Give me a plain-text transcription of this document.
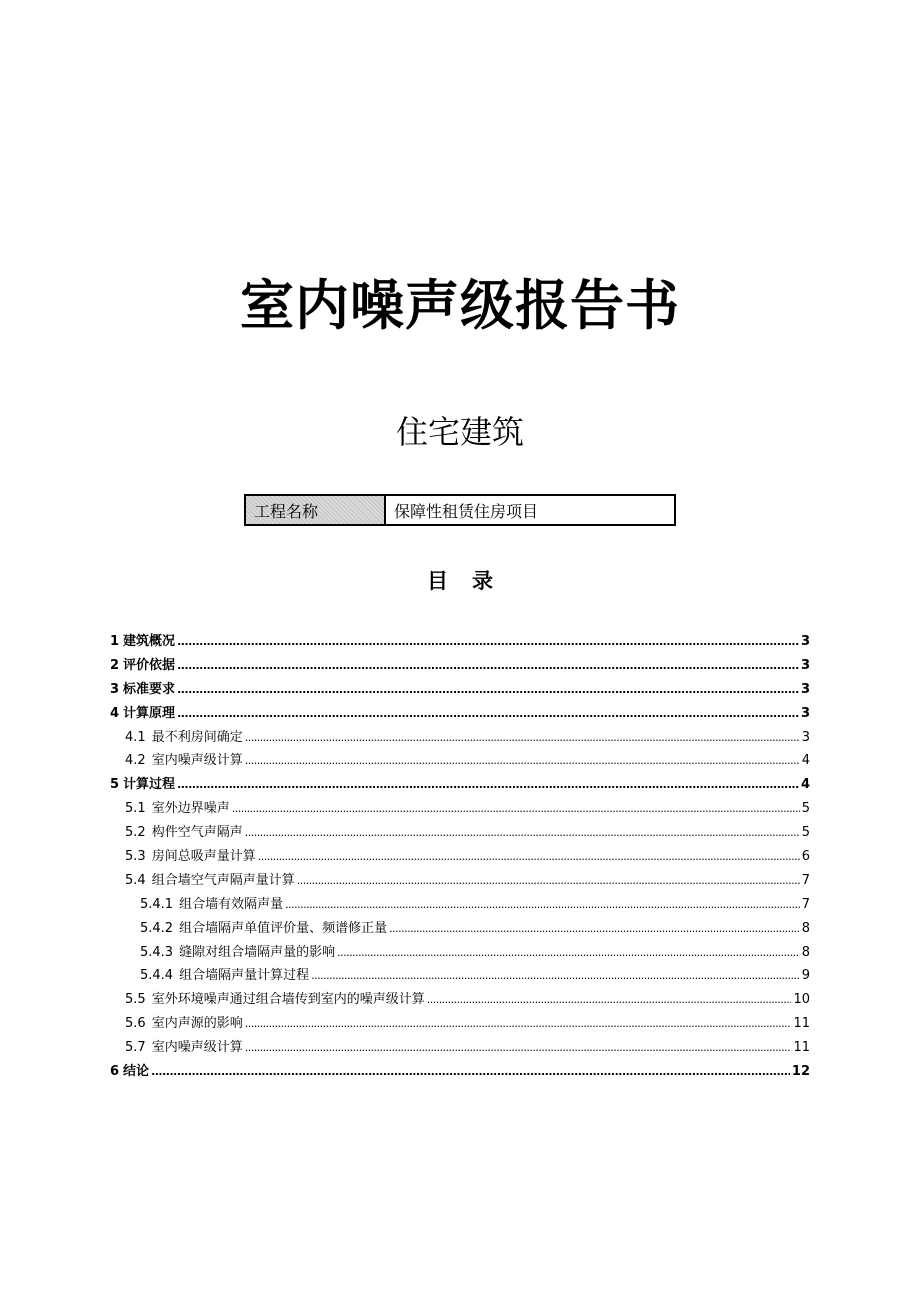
室内噪声级报告书
住宅建筑
工程名称	保障性租赁住房项目
目 录
1 建筑概况 .....	3
2 评价依据 .....	3
3 标准要求 .....	3
4 计算原理 .....	3
4.1 最不利房间确定 .....	3
4.2 室内噪声级计算 .....	4
5 计算过程 .....	4
5.1 室外边界噪声 .....	5
5.2 构件空气声隔声 .....	5
5.3 房间总吸声量计算 .....	6
5.4 组合墙空气声隔声量计算 .....	7
5.4.1 组合墙有效隔声量 .....	7
5.4.2 组合墙隔声单值评价量、频谱修正量 .....	8
5.4.3 缝隙对组合墙隔声量的影响 .....	8
5.4.4 组合墙隔声量计算过程 .....	9
5.5 室外环境噪声通过组合墙传到室内的噪声级计算 .....	10
5.6 室内声源的影响 .....	11
5.7 室内噪声级计算 .....	11
6 结论 .....	12
